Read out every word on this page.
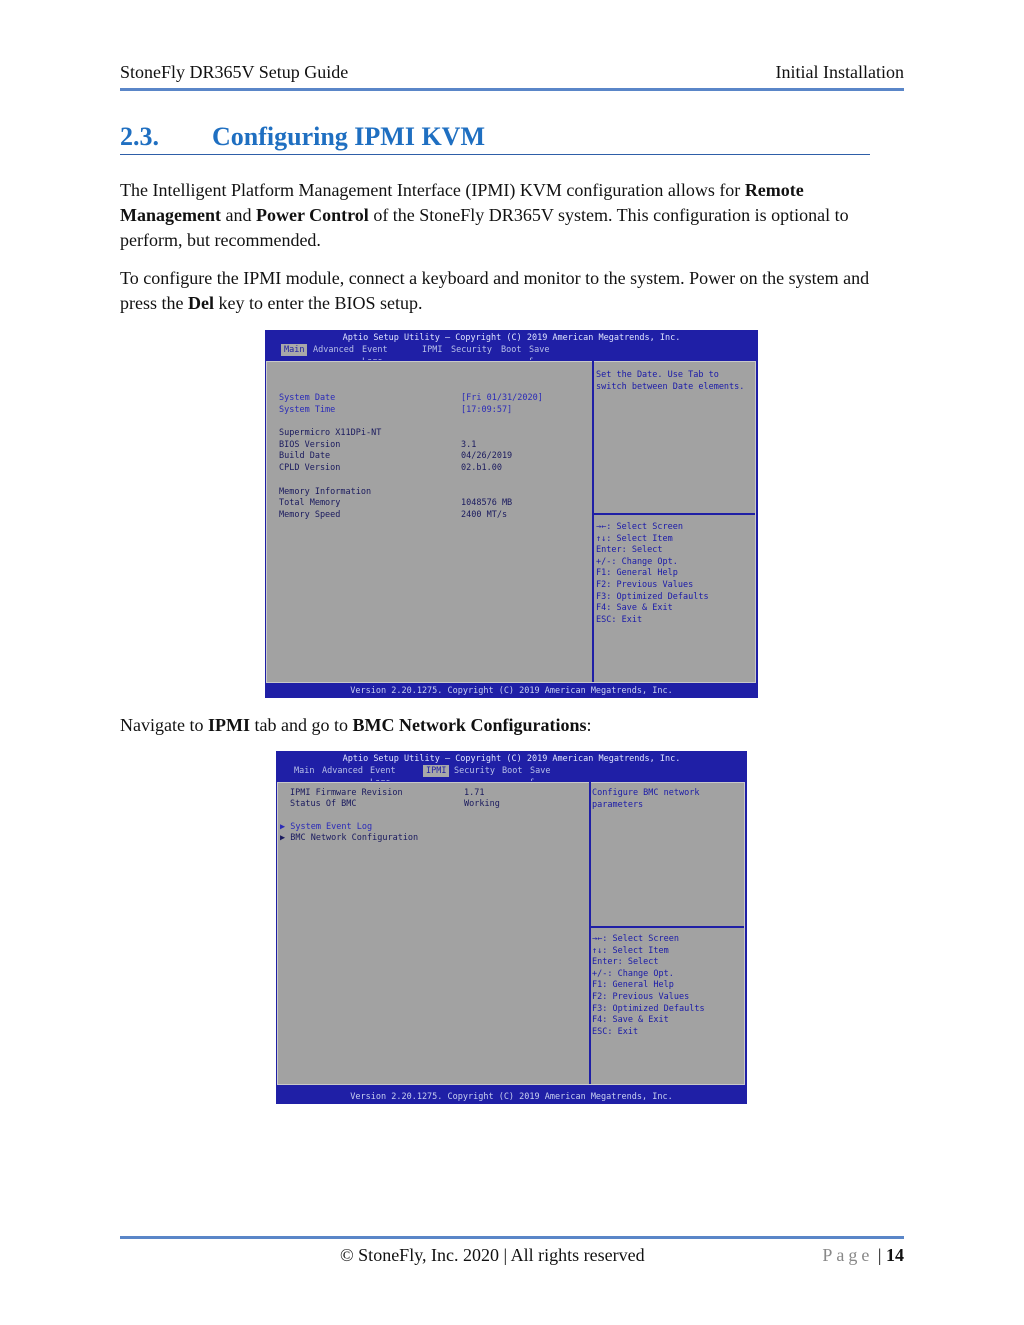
StoneFly DR365V Setup Guide	Initial Installation
2.3. Configuring IPMI KVM
The Intelligent Platform Management Interface (IPMI) KVM configuration allows for Remote Management and Power Control of the StoneFly DR365V system. This configuration is optional to perform, but recommended.
To configure the IPMI module, connect a keyboard and monitor to the system. Power on the system and press the Del key to enter the BIOS setup.
Aptio Setup Utility – Copyright (C) 2019 American Megatrends, Inc.
Main	Advanced Event	IPMI Security Boot Save
System Date	[Fri 01/31/2020]
System Time	[17:09:57]
Supermicro X11DPi-NT
BIOS Version	3.1
Build Date	04/26/2019
CPLD Version	02.b1.00
Memory Information
Total Memory	1048576 MB
Memory Speed	2400 MT/s
Set the Date. Use Tab to
switch between Date elements.
→←: Select Screen
↑↓: Select Item
Enter: Select
+/-: Change Opt.
F1: General Help
F2: Previous Values
F3: Optimized Defaults
F4: Save & Exit
ESC: Exit
Version 2.20.1275. Copyright (C) 2019 American Megatrends, Inc.
Navigate to IPMI tab and go to BMC Network Configurations:
Aptio Setup Utility – Copyright (C) 2019 American Megatrends, Inc.
Main Advanced Event	IPMI Security Boot Save
IPMI Firmware Revision	1.71
Status Of BMC	Working
▶ System Event Log
▶ BMC Network Configuration
Configure BMC network
parameters
→←: Select Screen
↑↓: Select Item
Enter: Select
+/-: Change Opt.
F1: General Help
F2: Previous Values
F3: Optimized Defaults
F4: Save & Exit
ESC: Exit
Version 2.20.1275. Copyright (C) 2019 American Megatrends, Inc.
© StoneFly, Inc. 2020 | All rights reserved	Page | 14
